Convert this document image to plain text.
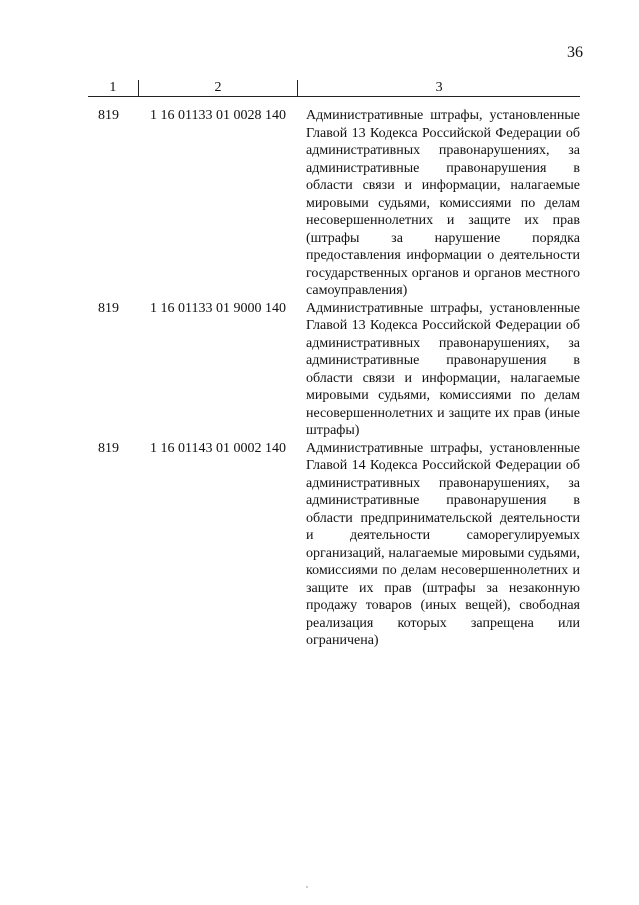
36
1	2	3
819	1 16 01133 01 0028 140	Административные штрафы, установленные Главой 13 Кодекса Российской Федерации об административных правонарушениях, за административные правонарушения в области связи и информации, налагаемые мировыми судьями, комиссиями по делам несовершеннолетних и защите их прав (штрафы за нарушение порядка предоставления информации о деятельности государственных органов и органов местного самоуправления)
819	1 16 01133 01 9000 140	Административные штрафы, установленные Главой 13 Кодекса Российской Федерации об административных правонарушениях, за административные правонарушения в области связи и информации, налагаемые мировыми судьями, комиссиями по делам несовершеннолетних и защите их прав (иные штрафы)
819	1 16 01143 01 0002 140	Административные штрафы, установленные Главой 14 Кодекса Российской Федерации об административных правонарушениях, за административные правонарушения в области предпринимательской деятельности и деятельности саморегулируемых организаций, налагаемые мировыми судьями, комиссиями по делам несовершеннолетних и защите их прав (штрафы за незаконную продажу товаров (иных вещей), свободная реализация которых запрещена или ограничена)
